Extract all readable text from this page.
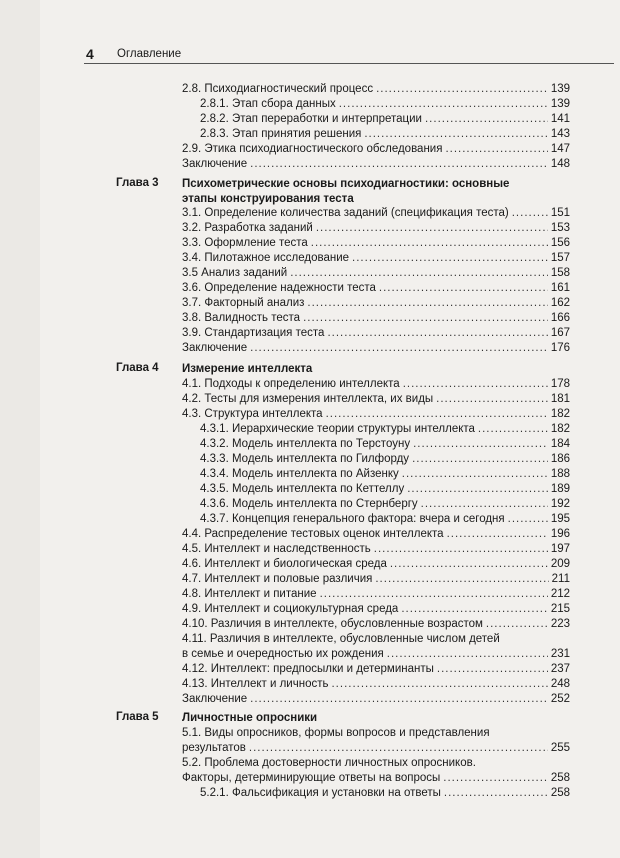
4 Оглавление
2.8. Психодиагностический процесс .....	139
2.8.1. Этап сбора данных .....	139
2.8.2. Этап переработки и интерпретации .....	141
2.8.3. Этап принятия решения .....	143
2.9. Этика психодиагностического обследования .....	147
Заключение .....	148
Глава 3 Психометрические основы психодиагностики: основные
этапы конструирования теста
3.1. Определение количества заданий (спецификация теста) .....	151
3.2. Разработка заданий .....	153
3.3. Оформление теста .....	156
3.4. Пилотажное исследование .....	157
3.5 Анализ заданий .....	158
3.6. Определение надежности теста .....	161
3.7. Факторный анализ .....	162
3.8. Валидность теста .....	166
3.9. Стандартизация теста .....	167
Заключение .....	176
Глава 4 Измерение интеллекта
4.1. Подходы к определению интеллекта .....	178
4.2. Тесты для измерения интеллекта, их виды .....	181
4.3. Структура интеллекта .....	182
4.3.1. Иерархические теории структуры интеллекта .....	182
4.3.2. Модель интеллекта по Терстоуну .....	184
4.3.3. Модель интеллекта по Гилфорду .....	186
4.3.4. Модель интеллекта по Айзенку .....	188
4.3.5. Модель интеллекта по Кеттеллу .....	189
4.3.6. Модель интеллекта по Стернбергу .....	192
4.3.7. Концепция генерального фактора: вчера и сегодня .....	195
4.4. Распределение тестовых оценок интеллекта .....	196
4.5. Интеллект и наследственность .....	197
4.6. Интеллект и биологическая среда .....	209
4.7. Интеллект и половые различия .....	211
4.8. Интеллект и питание .....	212
4.9. Интеллект и социокультурная среда .....	215
4.10. Различия в интеллекте, обусловленные возрастом .....	223
4.11. Различия в интеллекте, обусловленные числом детей
в семье и очередностью их рождения .....	231
4.12. Интеллект: предпосылки и детерминанты .....	237
4.13. Интеллект и личность .....	248
Заключение .....	252
Глава 5 Личностные опросники
5.1. Виды опросников, формы вопросов и представления
результатов .....	255
5.2. Проблема достоверности личностных опросников.
Факторы, детерминирующие ответы на вопросы .....	258
5.2.1. Фальсификация и установки на ответы .....	258
